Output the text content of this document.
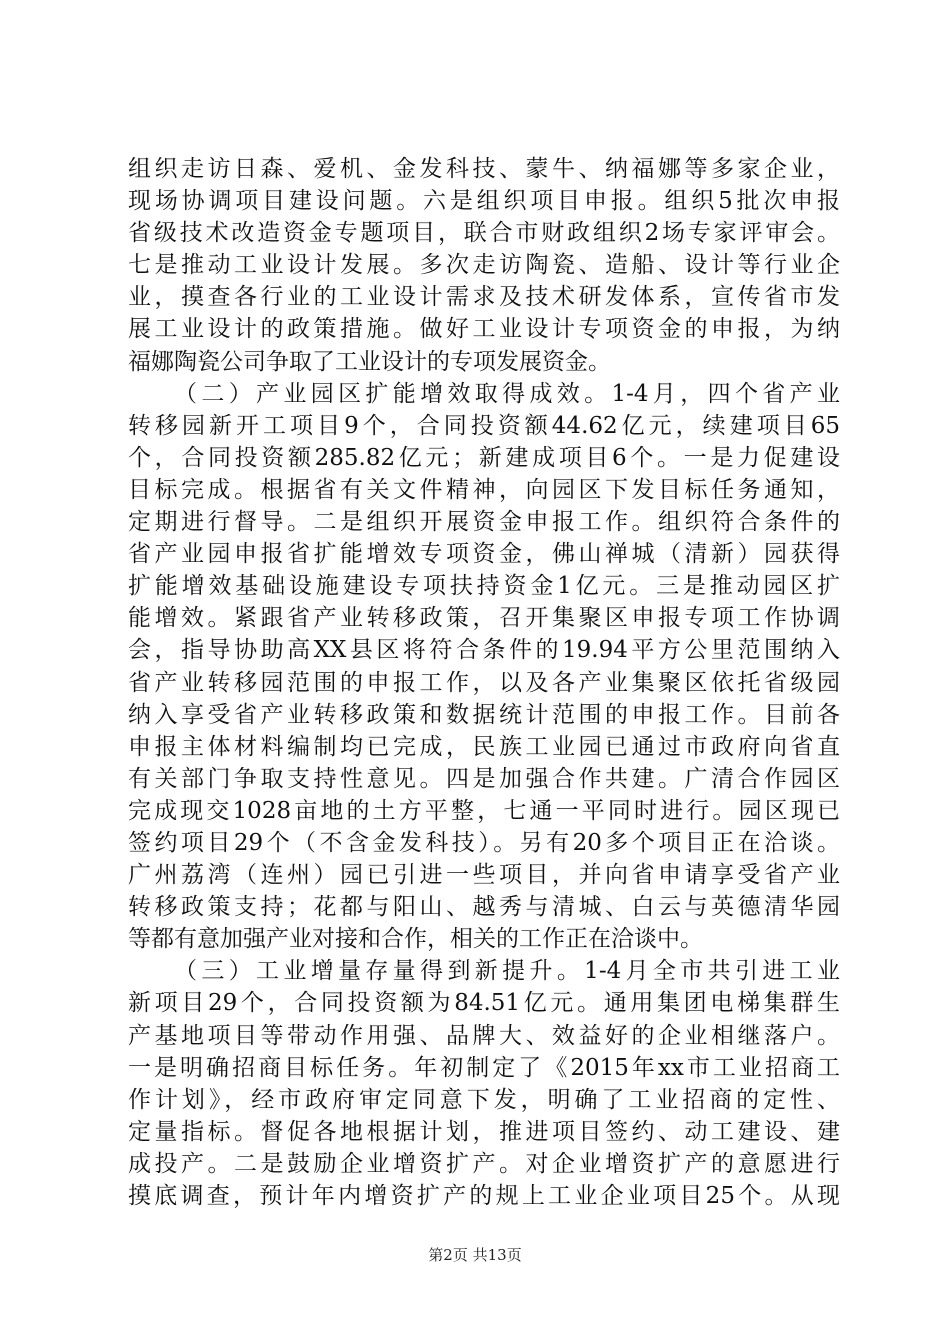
组织走访日森、爱机、金发科技、蒙牛、纳福娜等多家企业，
现场协调项目建设问题。六是组织项目申报。组织5批次申报
省级技术改造资金专题项目，联合市财政组织2场专家评审会。
七是推动工业设计发展。多次走访陶瓷、造船、设计等行业企
业，摸查各行业的工业设计需求及技术研发体系，宣传省市发
展工业设计的政策措施。做好工业设计专项资金的申报，为纳
福娜陶瓷公司争取了工业设计的专项发展资金。
（二）产业园区扩能增效取得成效。1-4月，四个省产业
转移园新开工项目9个，合同投资额44.62亿元，续建项目65
个，合同投资额285.82亿元；新建成项目6个。一是力促建设
目标完成。根据省有关文件精神，向园区下发目标任务通知，
定期进行督导。二是组织开展资金申报工作。组织符合条件的
省产业园申报省扩能增效专项资金，佛山禅城（清新）园获得
扩能增效基础设施建设专项扶持资金1亿元。三是推动园区扩
能增效。紧跟省产业转移政策，召开集聚区申报专项工作协调
会，指导协助高XX县区将符合条件的19.94平方公里范围纳入
省产业转移园范围的申报工作，以及各产业集聚区依托省级园
纳入享受省产业转移政策和数据统计范围的申报工作。目前各
申报主体材料编制均已完成，民族工业园已通过市政府向省直
有关部门争取支持性意见。四是加强合作共建。广清合作园区
完成现交1028亩地的土方平整，七通一平同时进行。园区现已
签约项目29个（不含金发科技）。另有20多个项目正在洽谈。
广州荔湾（连州）园已引进一些项目，并向省申请享受省产业
转移政策支持；花都与阳山、越秀与清城、白云与英德清华园
等都有意加强产业对接和合作，相关的工作正在洽谈中。
（三）工业增量存量得到新提升。1-4月全市共引进工业
新项目29个，合同投资额为84.51亿元。通用集团电梯集群生
产基地项目等带动作用强、品牌大、效益好的企业相继落户。
一是明确招商目标任务。年初制定了《2015年xx市工业招商工
作计划》，经市政府审定同意下发，明确了工业招商的定性、
定量指标。督促各地根据计划，推进项目签约、动工建设、建
成投产。二是鼓励企业增资扩产。对企业增资扩产的意愿进行
摸底调查，预计年内增资扩产的规上工业企业项目25个。从现
第2页 共13页
